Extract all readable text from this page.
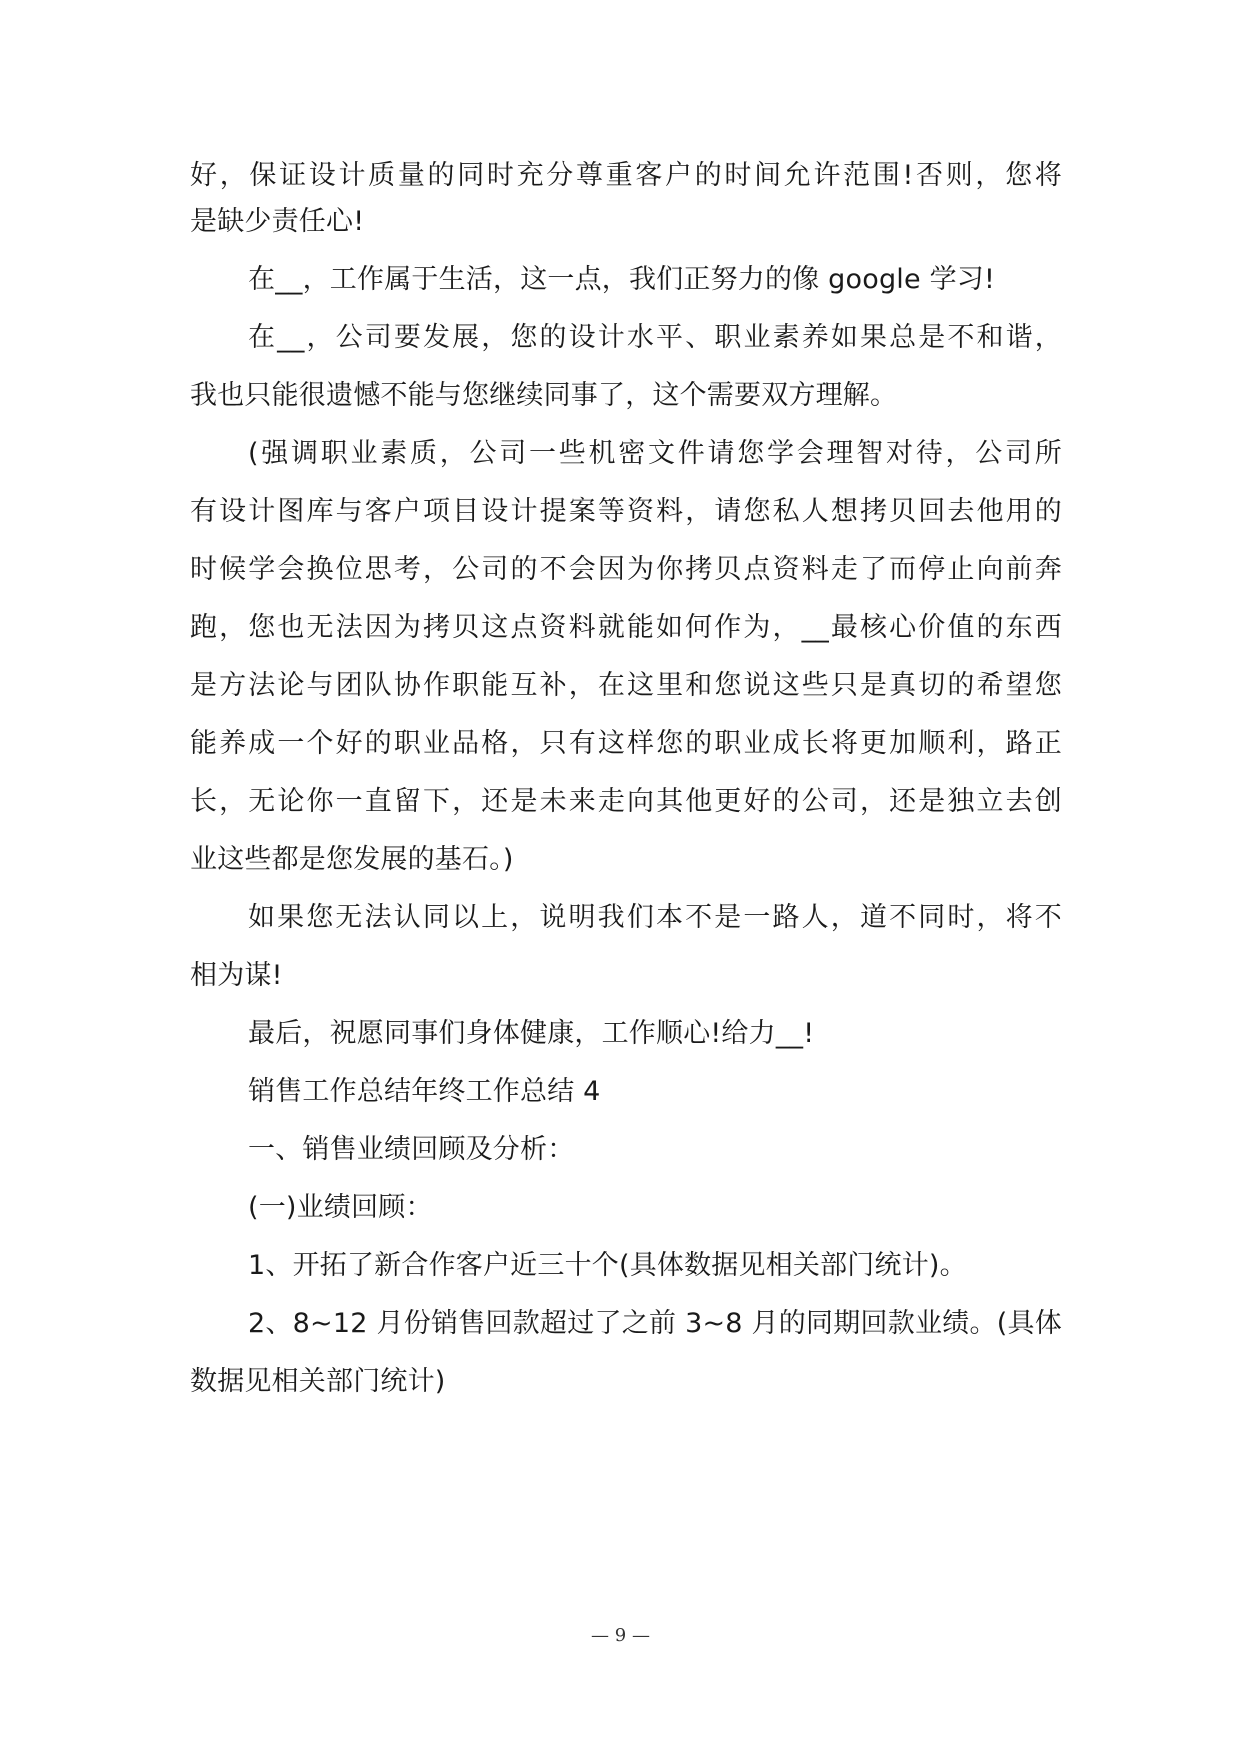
好，保证设计质量的同时充分尊重客户的时间允许范围!否则，您将
是缺少责任心!
在__，工作属于生活，这一点，我们正努力的像 google 学习!
在__，公司要发展，您的设计水平、职业素养如果总是不和谐，
我也只能很遗憾不能与您继续同事了，这个需要双方理解。
(强调职业素质，公司一些机密文件请您学会理智对待，公司所
有设计图库与客户项目设计提案等资料，请您私人想拷贝回去他用的
时候学会换位思考，公司的不会因为你拷贝点资料走了而停止向前奔
跑，您也无法因为拷贝这点资料就能如何作为，__最核心价值的东西
是方法论与团队协作职能互补，在这里和您说这些只是真切的希望您
能养成一个好的职业品格，只有这样您的职业成长将更加顺利，路正
长，无论你一直留下，还是未来走向其他更好的公司，还是独立去创
业这些都是您发展的基石。)
如果您无法认同以上，说明我们本不是一路人，道不同时，将不
相为谋!
最后，祝愿同事们身体健康，工作顺心!给力__!
销售工作总结年终工作总结 4
一、销售业绩回顾及分析：
(一)业绩回顾：
1、开拓了新合作客户近三十个(具体数据见相关部门统计)。
2、8~12 月份销售回款超过了之前 3~8 月的同期回款业绩。(具体
数据见相关部门统计)
— 9 —
